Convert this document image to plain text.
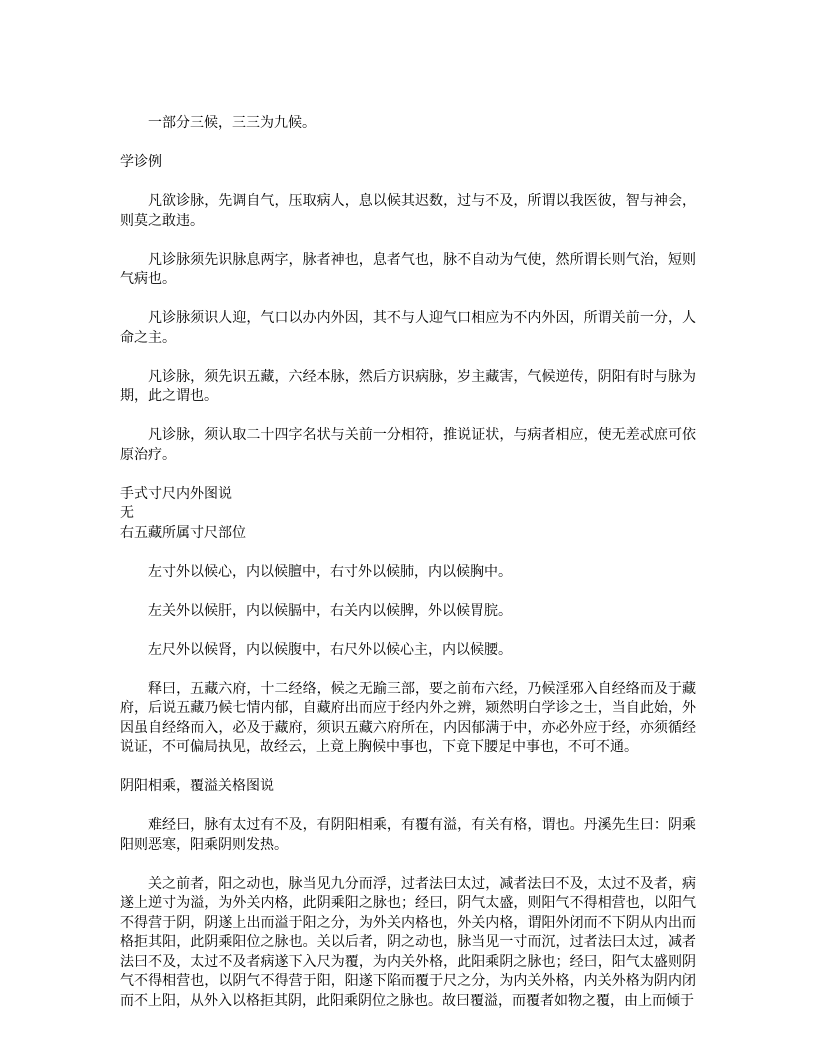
一部分三候，三三为九候。

学诊例

凡欲诊脉，先调自气，压取病人，息以候其迟数，过与不及，所谓以我医彼，智与神会，则莫之敢违。

凡诊脉须先识脉息两字，脉者神也，息者气也，脉不自动为气使，然所谓长则气治，短则气病也。

凡诊脉须识人迎，气口以办内外因，其不与人迎气口相应为不内外因，所谓关前一分，人命之主。

凡诊脉，须先识五藏，六经本脉，然后方识病脉，岁主藏害，气候逆传，阴阳有时与脉为期，此之谓也。

凡诊脉，须认取二十四字名状与关前一分相符，推说证状，与病者相应，使无差忒庶可依原治疗。

手式寸尺内外图说

无

右五藏所属寸尺部位

左寸外以候心，内以候膻中，右寸外以候肺，内以候胸中。

左关外以候肝，内以候膈中，右关内以候脾，外以候胃脘。

左尺外以候肾，内以候腹中，右尺外以候心主，内以候腰。

释曰，五藏六府，十二经络，候之无踰三部，要之前布六经，乃候淫邪入自经络而及于藏府，后说五藏乃候七情内郁，自藏府出而应于经内外之辨，颎然明白学诊之士，当自此始，外因虽自经络而入，必及于藏府，须识五藏六府所在，内因郁满于中，亦必外应于经，亦须循经说证，不可偏局执见，故经云，上竟上胸候中事也，下竟下腰足中事也，不可不通。

阴阳相乘，覆溢关格图说

难经曰，脉有太过有不及，有阴阳相乘，有覆有溢，有关有格，谓也。丹溪先生曰：阴乘阳则恶寒，阳乘阴则发热。

关之前者，阳之动也，脉当见九分而浮，过者法曰太过，减者法曰不及，太过不及者，病遂上逆寸为溢，为外关内格，此阴乘阳之脉也；经曰，阴气太盛，则阳气不得相营也，以阳气不得营于阴，阴遂上出而溢于阳之分，为外关内格也，外关内格，谓阳外闭而不下阴从内出而格拒其阳，此阴乘阳位之脉也。关以后者，阴之动也，脉当见一寸而沉，过者法曰太过，减者法曰不及，太过不及者病遂下入尺为覆，为内关外格，此阳乘阴之脉也；经曰，阳气太盛则阴气不得相营也，以阴气不得营于阳，阳遂下陷而覆于尺之分，为内关外格，内关外格为阴内闭而不上阳，从外入以格拒其阴，此阳乘阴位之脉也。故曰覆溢，而覆者如物之覆，由上而倾于
